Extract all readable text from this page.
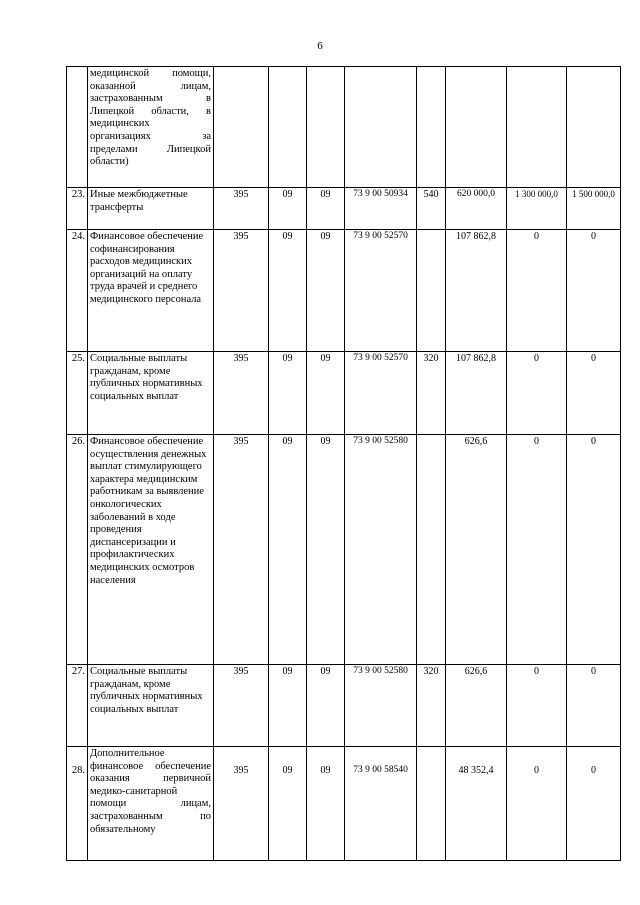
6
	медицинской помощи, оказанной лицам, застрахованным в Липецкой области, в медицинских организациях за пределами Липецкой области)								
23.	Иные межбюджетные трансферты	395	09	09	73 9 00 50934	540	620 000,0	1 300 000,0	1 500 000,0
24.	Финансовое обеспечение софинансирования расходов медицинских организаций на оплату труда врачей и среднего медицинского персонала	395	09	09	73 9 00 52570		107 862,8	0	0
25.	Социальные выплаты гражданам, кроме публичных нормативных социальных выплат	395	09	09	73 9 00 52570	320	107 862,8	0	0
26.	Финансовое обеспечение осуществления денежных выплат стимулирующего характера медицинским работникам за выявление онкологических заболеваний в ходе проведения диспансеризации и профилактических медицинских осмотров населения	395	09	09	73 9 00 52580		626,6	0	0
27.	Социальные выплаты гражданам, кроме публичных нормативных социальных выплат	395	09	09	73 9 00 52580	320	626,6	0	0
28.	Дополнительное финансовое обеспечение оказания первичной медико-санитарной помощи лицам, застрахованным по обязательному	395	09	09	73 9 00 58540		48 352,4	0	0
